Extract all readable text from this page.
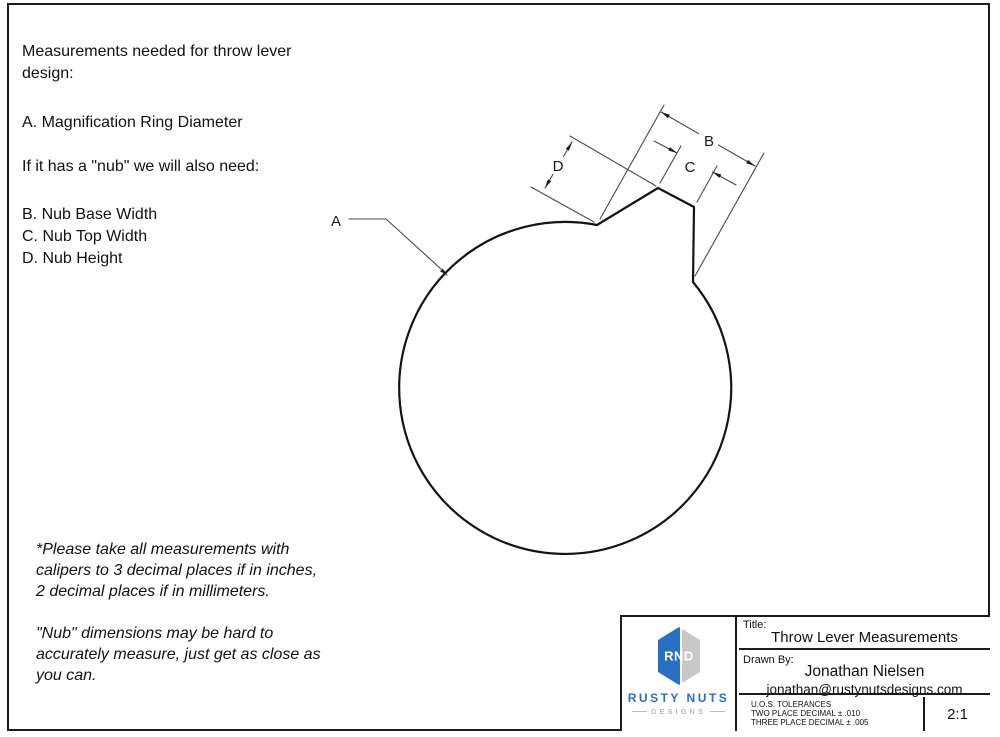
Measurements needed for throw lever
design:
A. Magnification Ring Diameter
If it has a "nub" we will also need:
B. Nub Base Width
C. Nub Top Width
D. Nub Height
*Please take all measurements with
calipers to 3 decimal places if in inches,
2 decimal places if in millimeters.
"Nub" dimensions may be hard to
accurately measure, just get as close as
you can.
A
B
C
D
RND
RUSTY NUTS
DESIGNS
Title:
Throw Lever Measurements
Drawn By:
Jonathan Nielsen
jonathan@rustynutsdesigns.com
U.O.S. TOLERANCES
TWO PLACE DECIMAL ± .010
THREE PLACE DECIMAL ± .005
2:1
